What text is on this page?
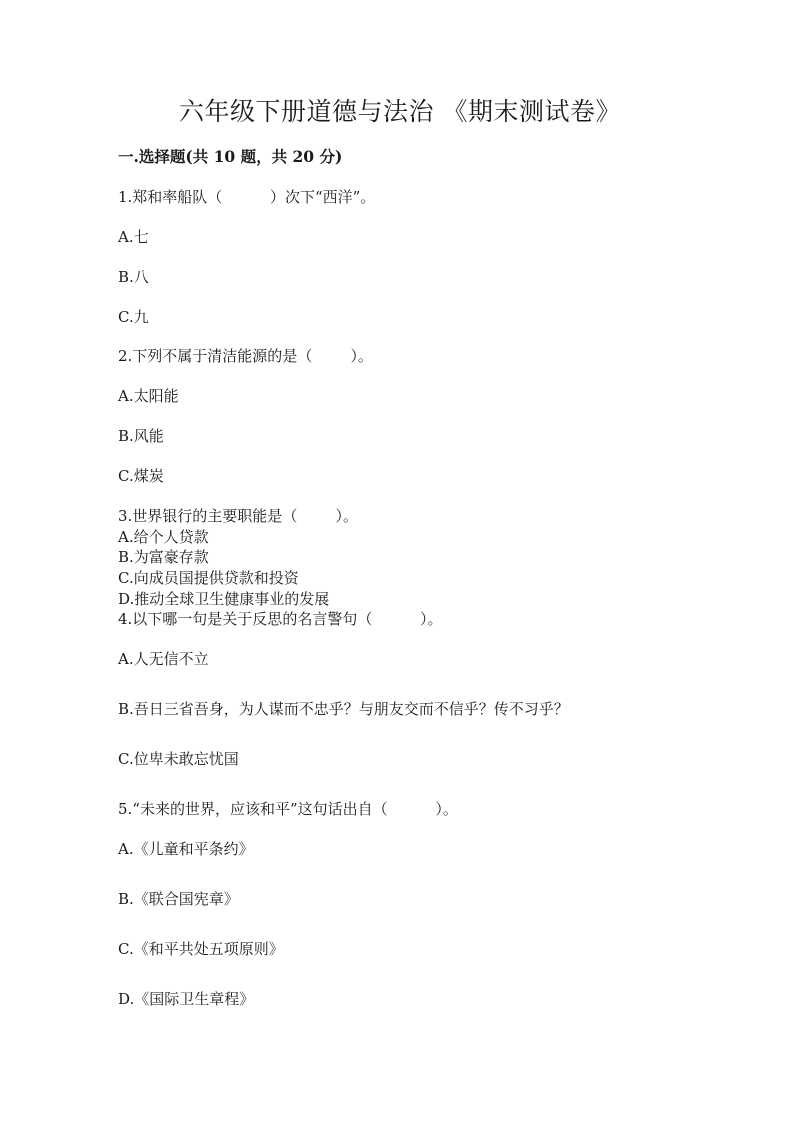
六年级下册道德与法治 《期末测试卷》
一.选择题(共 10 题，共 20 分)
1.郑和率船队（          ）次下“西洋”。
A.七
B.八
C.九
2.下列不属于清洁能源的是（        ）。
A.太阳能
B.风能
C.煤炭
3.世界银行的主要职能是（        ）。
A.给个人贷款
B.为富豪存款
C.向成员国提供贷款和投资
D.推动全球卫生健康事业的发展
4.以下哪一句是关于反思的名言警句（          ）。
A.人无信不立
B.吾日三省吾身，为人谋而不忠乎？与朋友交而不信乎？传不习乎？
C.位卑未敢忘忧国
5.“未来的世界，应该和平”这句话出自（          ）。
A.《儿童和平条约》
B.《联合国宪章》
C.《和平共处五项原则》
D.《国际卫生章程》
